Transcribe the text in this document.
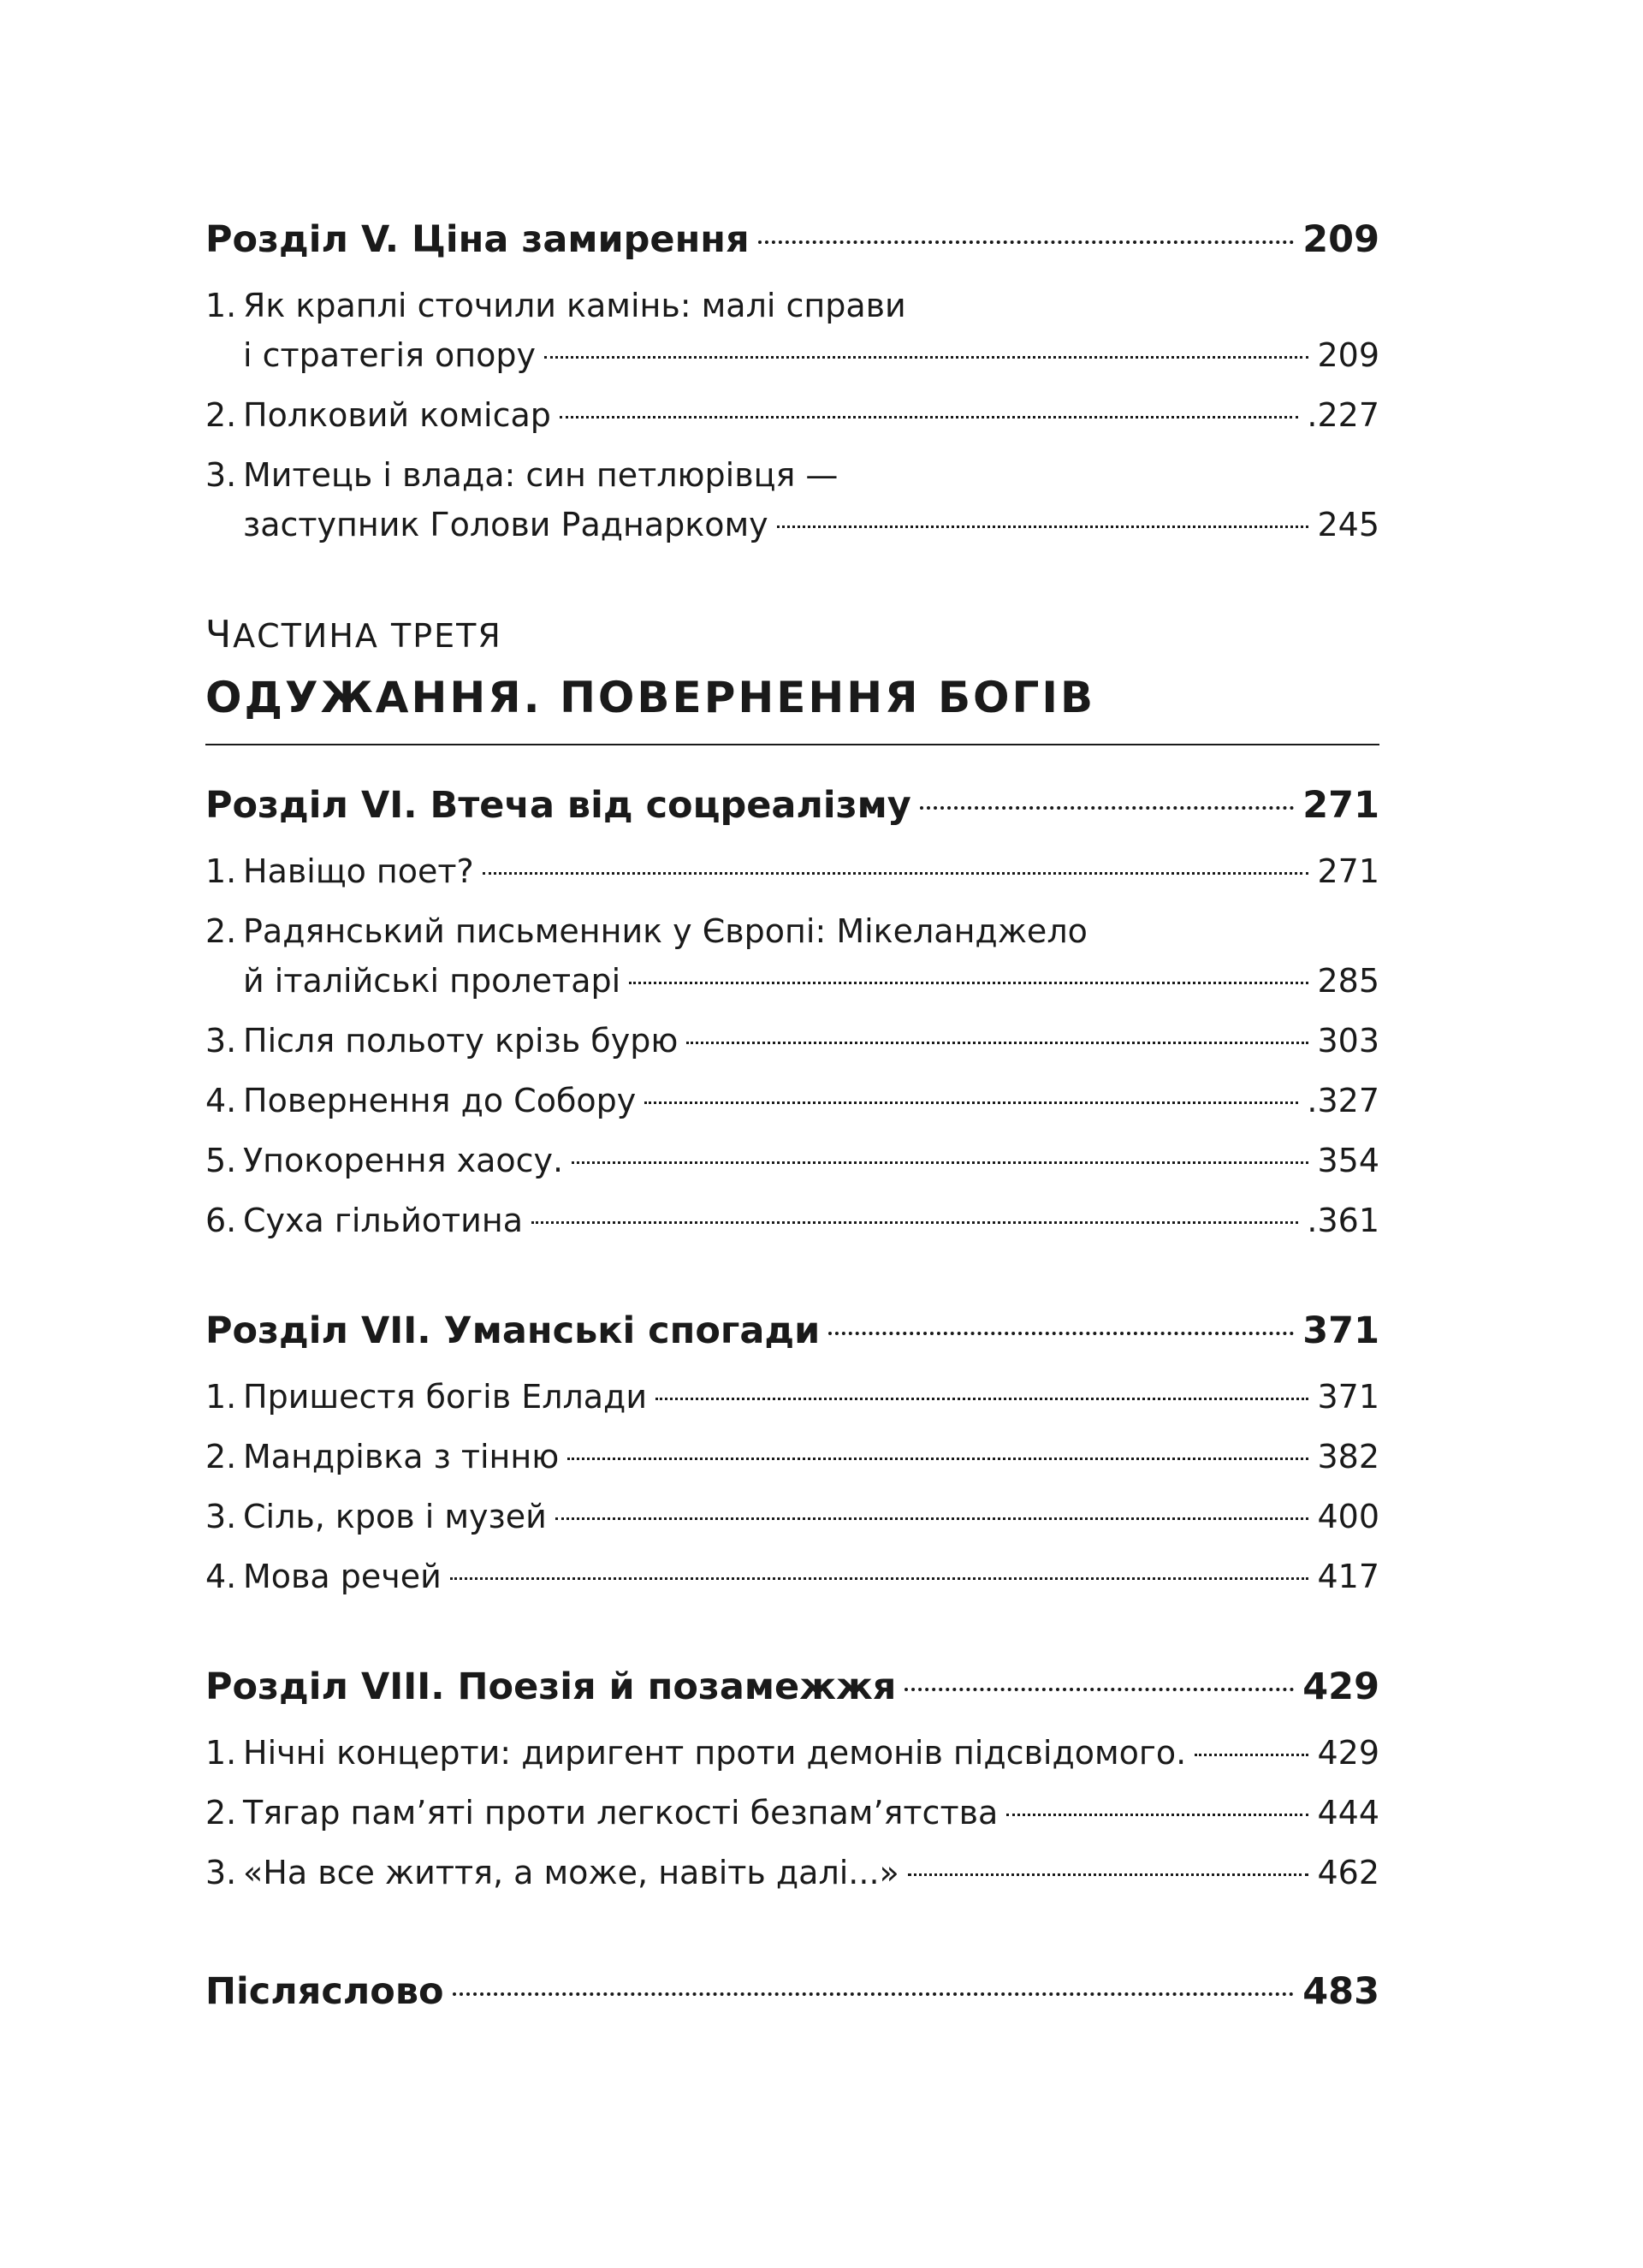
Розділ V. Ціна замирення	209
1. Як краплі сточили камінь: малі справи
і стратегія опору	209
2. Полковий комісар	.227
3. Митець і влада: син петлюрівця —
заступник Голови Раднаркому	245
ЧАСТИНА ТРЕТЯ
ОДУЖАННЯ. ПОВЕРНЕННЯ БОГІВ
Розділ VI. Втеча від соцреалізму	271
1. Навіщо поет?	271
2. Радянський письменник у Європі: Мікеланджело
й італійські пролетарі	285
3. Після польоту крізь бурю	303
4. Повернення до Собору	.327
5. Упокорення хаосу.	354
6. Суха гільйотина	.361
Розділ VII. Уманські спогади	371
1. Пришестя богів Еллади	371
2. Мандрівка з тінню	382
3. Сіль, кров і музей	400
4. Мова речей	417
Розділ VIII. Поезія й позамежжя	429
1. Нічні концерти: диригент проти демонів підсвідомого.	429
2. Тягар пам’яті проти легкості безпам’ятства	444
3. «На все життя, а може, навіть далі...»	462
Післяслово	483
